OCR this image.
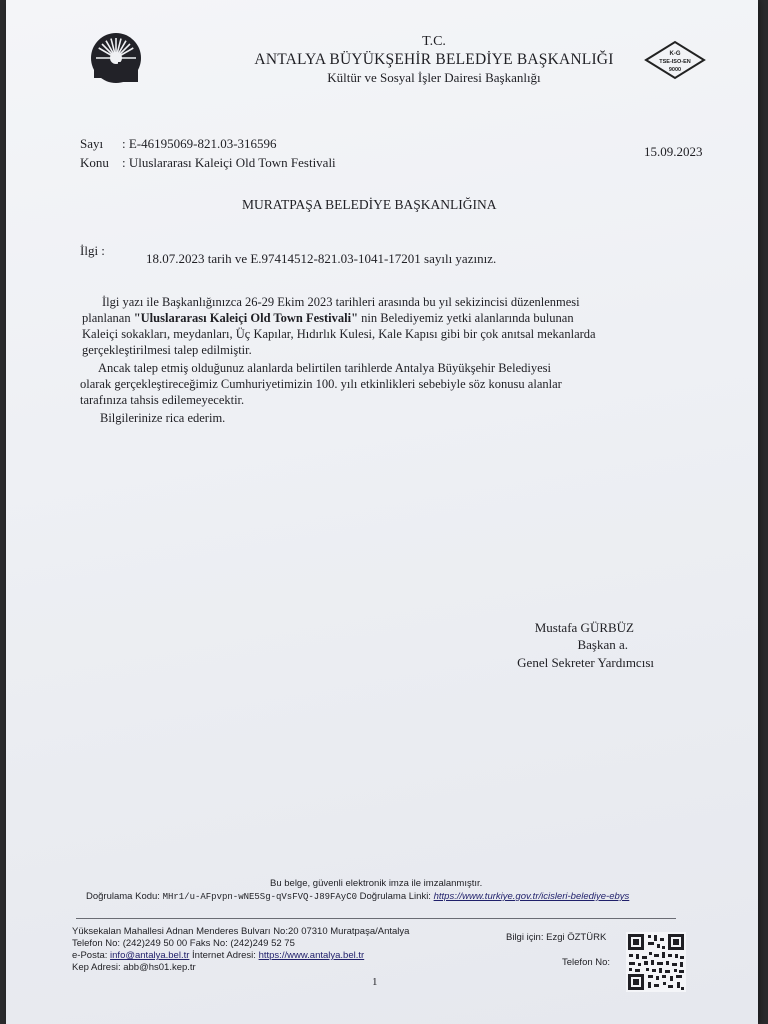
T.C.
ANTALYA BÜYÜKŞEHİR BELEDİYE BAŞKANLIĞI
Kültür ve Sosyal İşler Dairesi Başkanlığı
K-G
TSE-ISO-EN
9000
Sayı : E-46195069-821.03-316596
Konu : Uluslararası Kaleiçi Old Town Festivali
15.09.2023
MURATPAŞA BELEDİYE BAŞKANLIĞINA
İlgi :
18.07.2023 tarih ve E.97414512-821.03-1041-17201 sayılı yazınız.
İlgi yazı ile Başkanlığınızca 26-29 Ekim 2023 tarihleri arasında bu yıl sekizincisi düzenlenmesi
planlanan "Uluslararası Kaleiçi Old Town Festivali" nin Belediyemiz yetki alanlarında bulunan
Kaleiçi sokakları, meydanları, Üç Kapılar, Hıdırlık Kulesi, Kale Kapısı gibi bir çok anıtsal mekanlarda
gerçekleştirilmesi talep edilmiştir.
Ancak talep etmiş olduğunuz alanlarda belirtilen tarihlerde Antalya Büyükşehir Belediyesi
olarak gerçekleştireceğimiz Cumhuriyetimizin 100. yılı etkinlikleri sebebiyle söz konusu alanlar
tarafınıza tahsis edilemeyecektir.
Bilgilerinize rica ederim.
Mustafa GÜRBÜZ
Başkan a.
Genel Sekreter Yardımcısı
Bu belge, güvenli elektronik imza ile imzalanmıştır.
Doğrulama Kodu: MHr1/u-AFpvpn-wNE5Sg-qVsFVQ-J89FAyC0 Doğrulama Linki: https://www.turkiye.gov.tr/icisleri-belediye-ebys
Yüksekalan Mahallesi Adnan Menderes Bulvarı No:20 07310 Muratpaşa/Antalya
Telefon No: (242)249 50 00 Faks No: (242)249 52 75
e-Posta: info@antalya.bel.tr İnternet Adresi: https://www.antalya.bel.tr
Kep Adresi: abb@hs01.kep.tr
Bilgi için: Ezgi ÖZTÜRK
Telefon No:
1
